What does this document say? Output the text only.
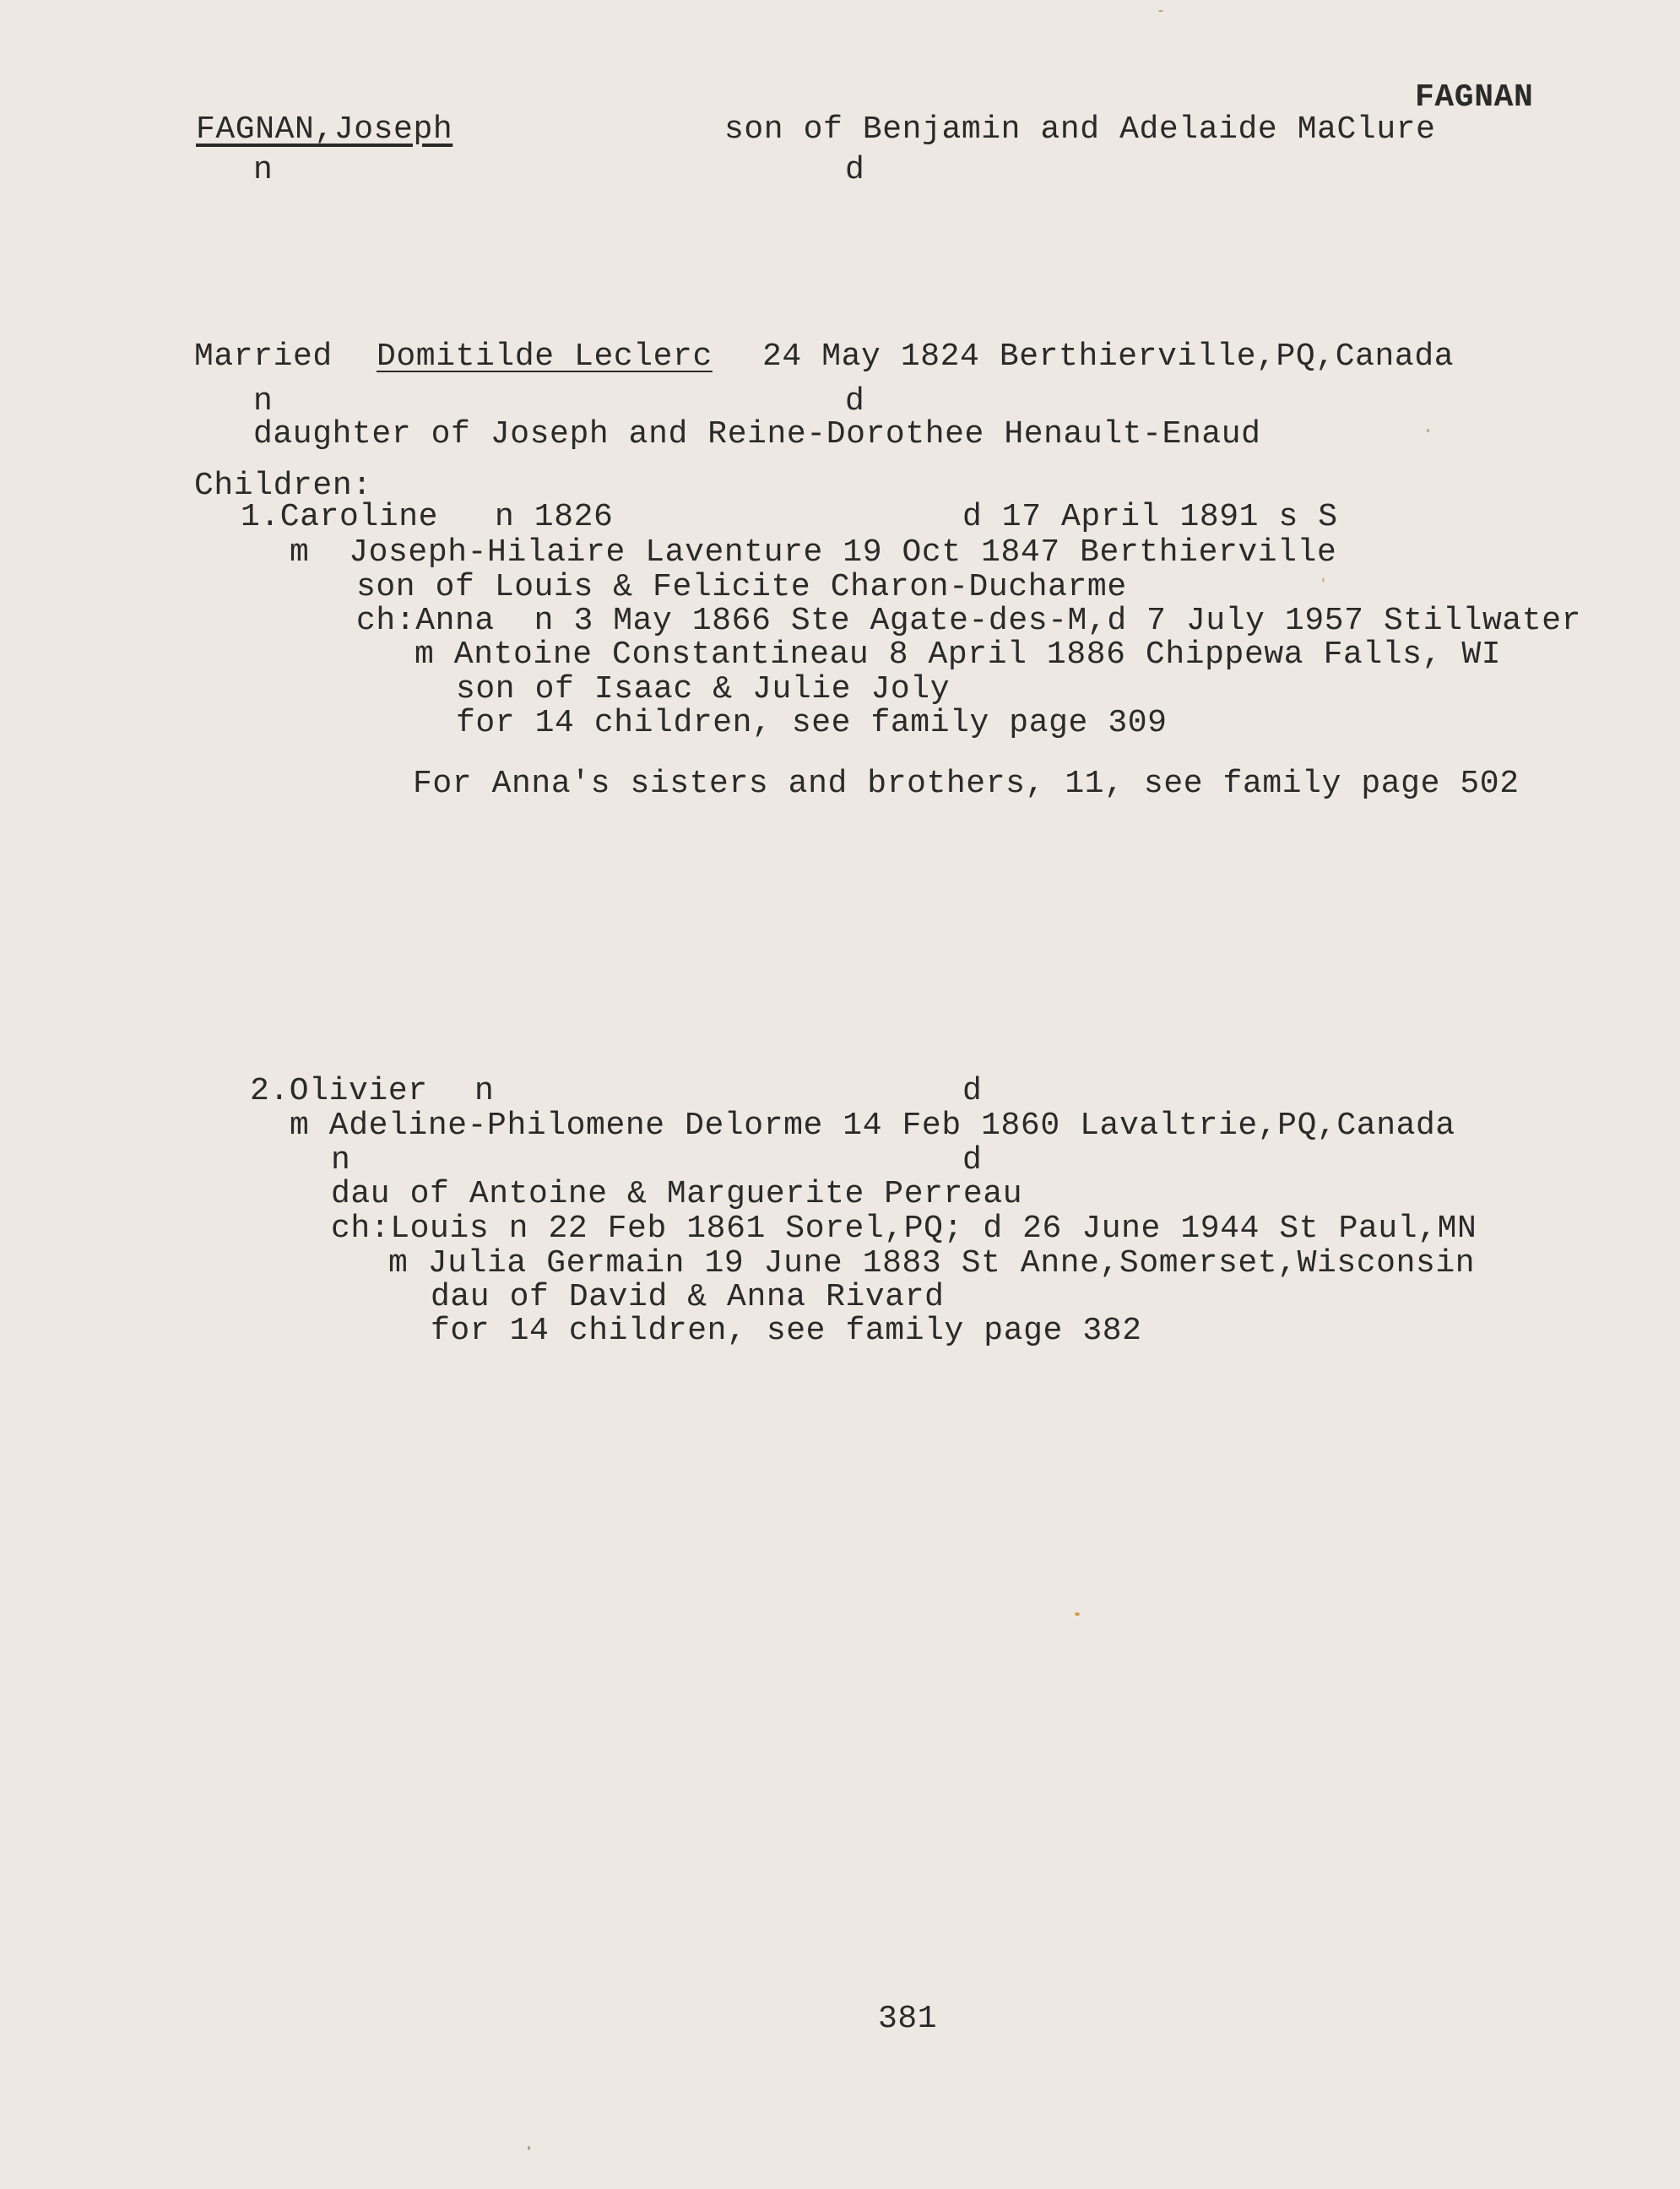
FAGNAN
FAGNAN,Joseph	son of Benjamin and Adelaide MaClure
n	d
Married Domitilde Leclerc 24 May 1824 Berthierville,PQ,Canada
n	d
daughter of Joseph and Reine-Dorothee Henault-Enaud
Children:
1.Caroline n 1826	d 17 April 1891 s S
m  Joseph-Hilaire Laventure 19 Oct 1847 Berthierville
son of Louis & Felicite Charon-Ducharme
ch:Anna  n 3 May 1866 Ste Agate-des-M,d 7 July 1957 Stillwater
m Antoine Constantineau 8 April 1886 Chippewa Falls, WI
son of Isaac & Julie Joly
for 14 children, see family page 309
For Anna's sisters and brothers, 11, see family page 502
2.Olivier n	d
m Adeline-Philomene Delorme 14 Feb 1860 Lavaltrie,PQ,Canada
n	d
dau of Antoine & Marguerite Perreau
ch:Louis n 22 Feb 1861 Sorel,PQ; d 26 June 1944 St Paul,MN
m Julia Germain 19 June 1883 St Anne,Somerset,Wisconsin
dau of David & Anna Rivard
for 14 children, see family page 382
381
